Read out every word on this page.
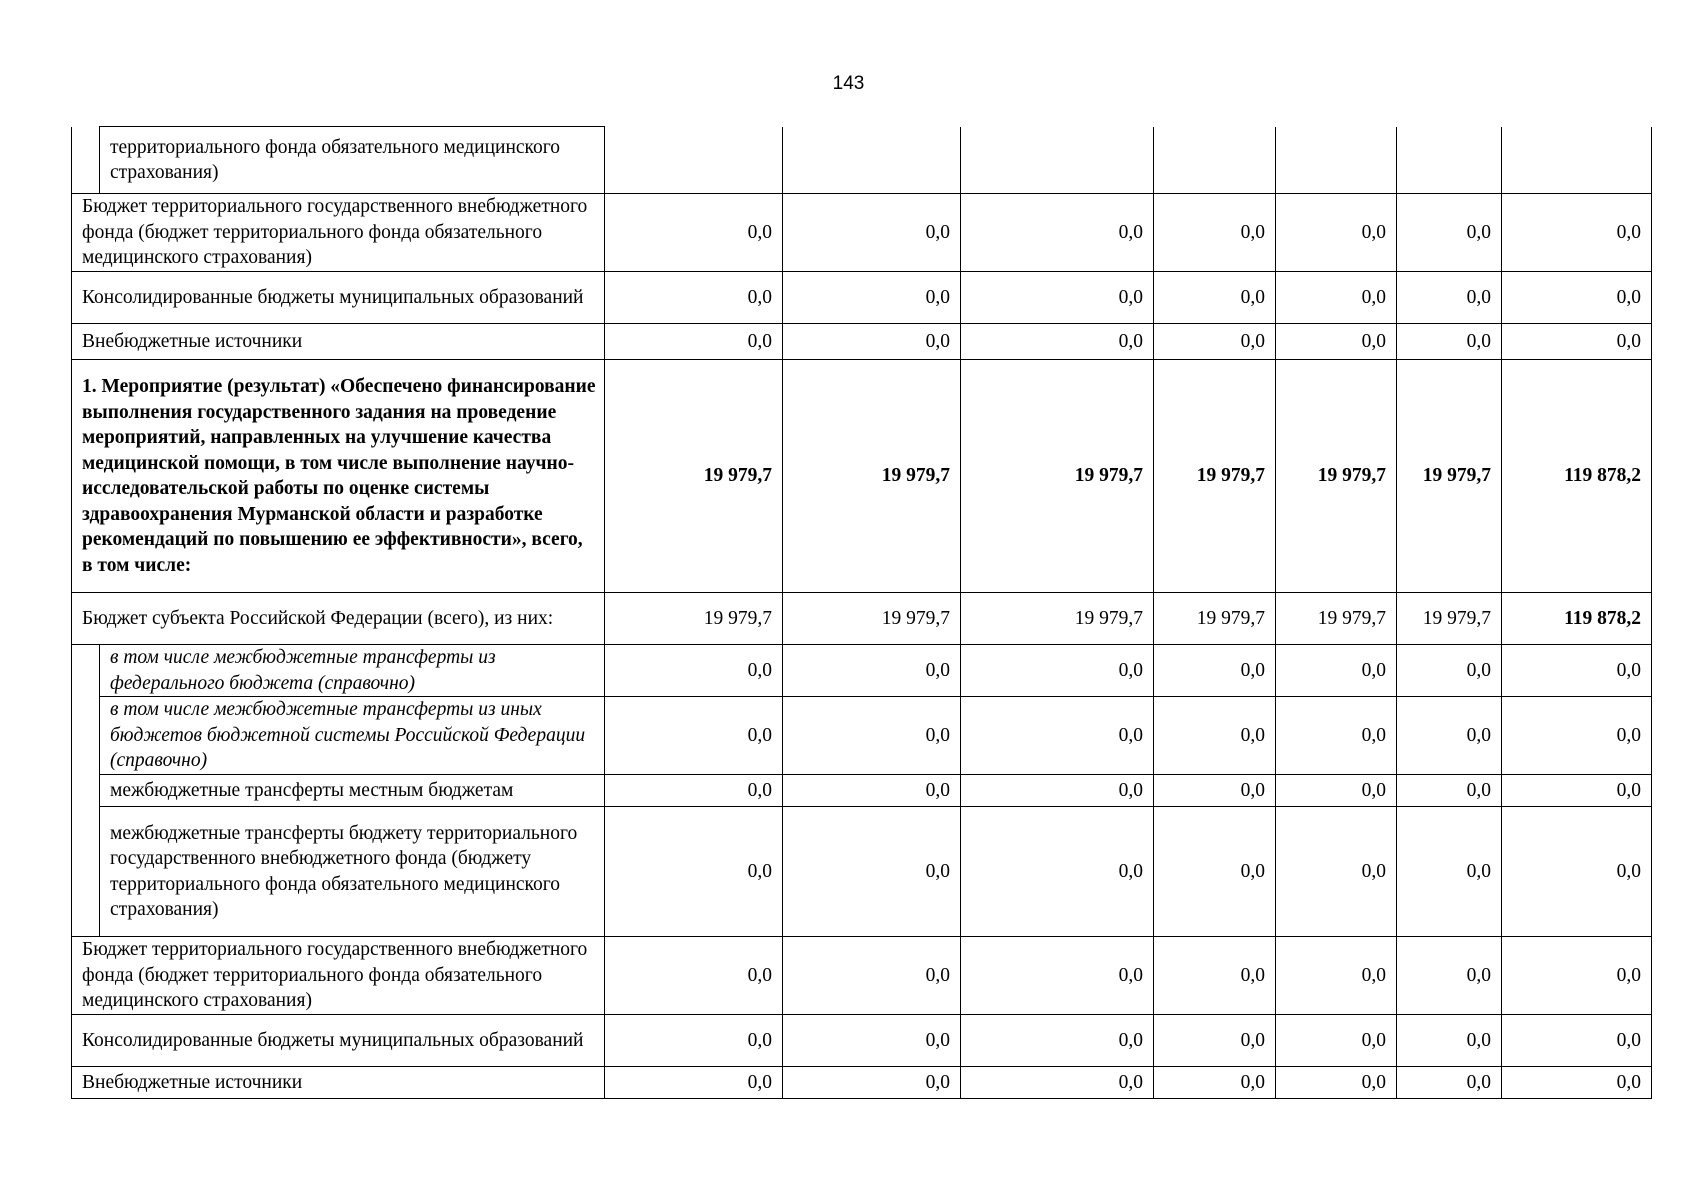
143
	территориального фонда обязательного медицинского страхования)							
Бюджет территориального государственного внебюджетного фонда (бюджет территориального фонда обязательного медицинского страхования)		0,0	0,0	0,0	0,0	0,0	0,0	0,0
Консолидированные бюджеты муниципальных образований		0,0	0,0	0,0	0,0	0,0	0,0	0,0
Внебюджетные источники		0,0	0,0	0,0	0,0	0,0	0,0	0,0
1. Мероприятие (результат) «Обеспечено финансирование выполнения государственного задания на проведение мероприятий, направленных на улучшение качества медицинской помощи, в том числе выполнение научно-исследовательской работы по оценке системы здравоохранения Мурманской области и разработке рекомендаций по повышению ее эффективности», всего, в том числе:		19 979,7	19 979,7	19 979,7	19 979,7	19 979,7	19 979,7	119 878,2
Бюджет субъекта Российской Федерации (всего), из них:		19 979,7	19 979,7	19 979,7	19 979,7	19 979,7	19 979,7	119 878,2
	в том числе межбюджетные трансферты из федерального бюджета (справочно)	0,0	0,0	0,0	0,0	0,0	0,0	0,0
	в том числе межбюджетные трансферты из иных бюджетов бюджетной системы Российской Федерации (справочно)	0,0	0,0	0,0	0,0	0,0	0,0	0,0
	межбюджетные трансферты местным бюджетам	0,0	0,0	0,0	0,0	0,0	0,0	0,0
	межбюджетные трансферты бюджету территориального государственного внебюджетного фонда (бюджету территориального фонда обязательного медицинского страхования)	0,0	0,0	0,0	0,0	0,0	0,0	0,0
Бюджет территориального государственного внебюджетного фонда (бюджет территориального фонда обязательного медицинского страхования)		0,0	0,0	0,0	0,0	0,0	0,0	0,0
Консолидированные бюджеты муниципальных образований		0,0	0,0	0,0	0,0	0,0	0,0	0,0
Внебюджетные источники		0,0	0,0	0,0	0,0	0,0	0,0	0,0
